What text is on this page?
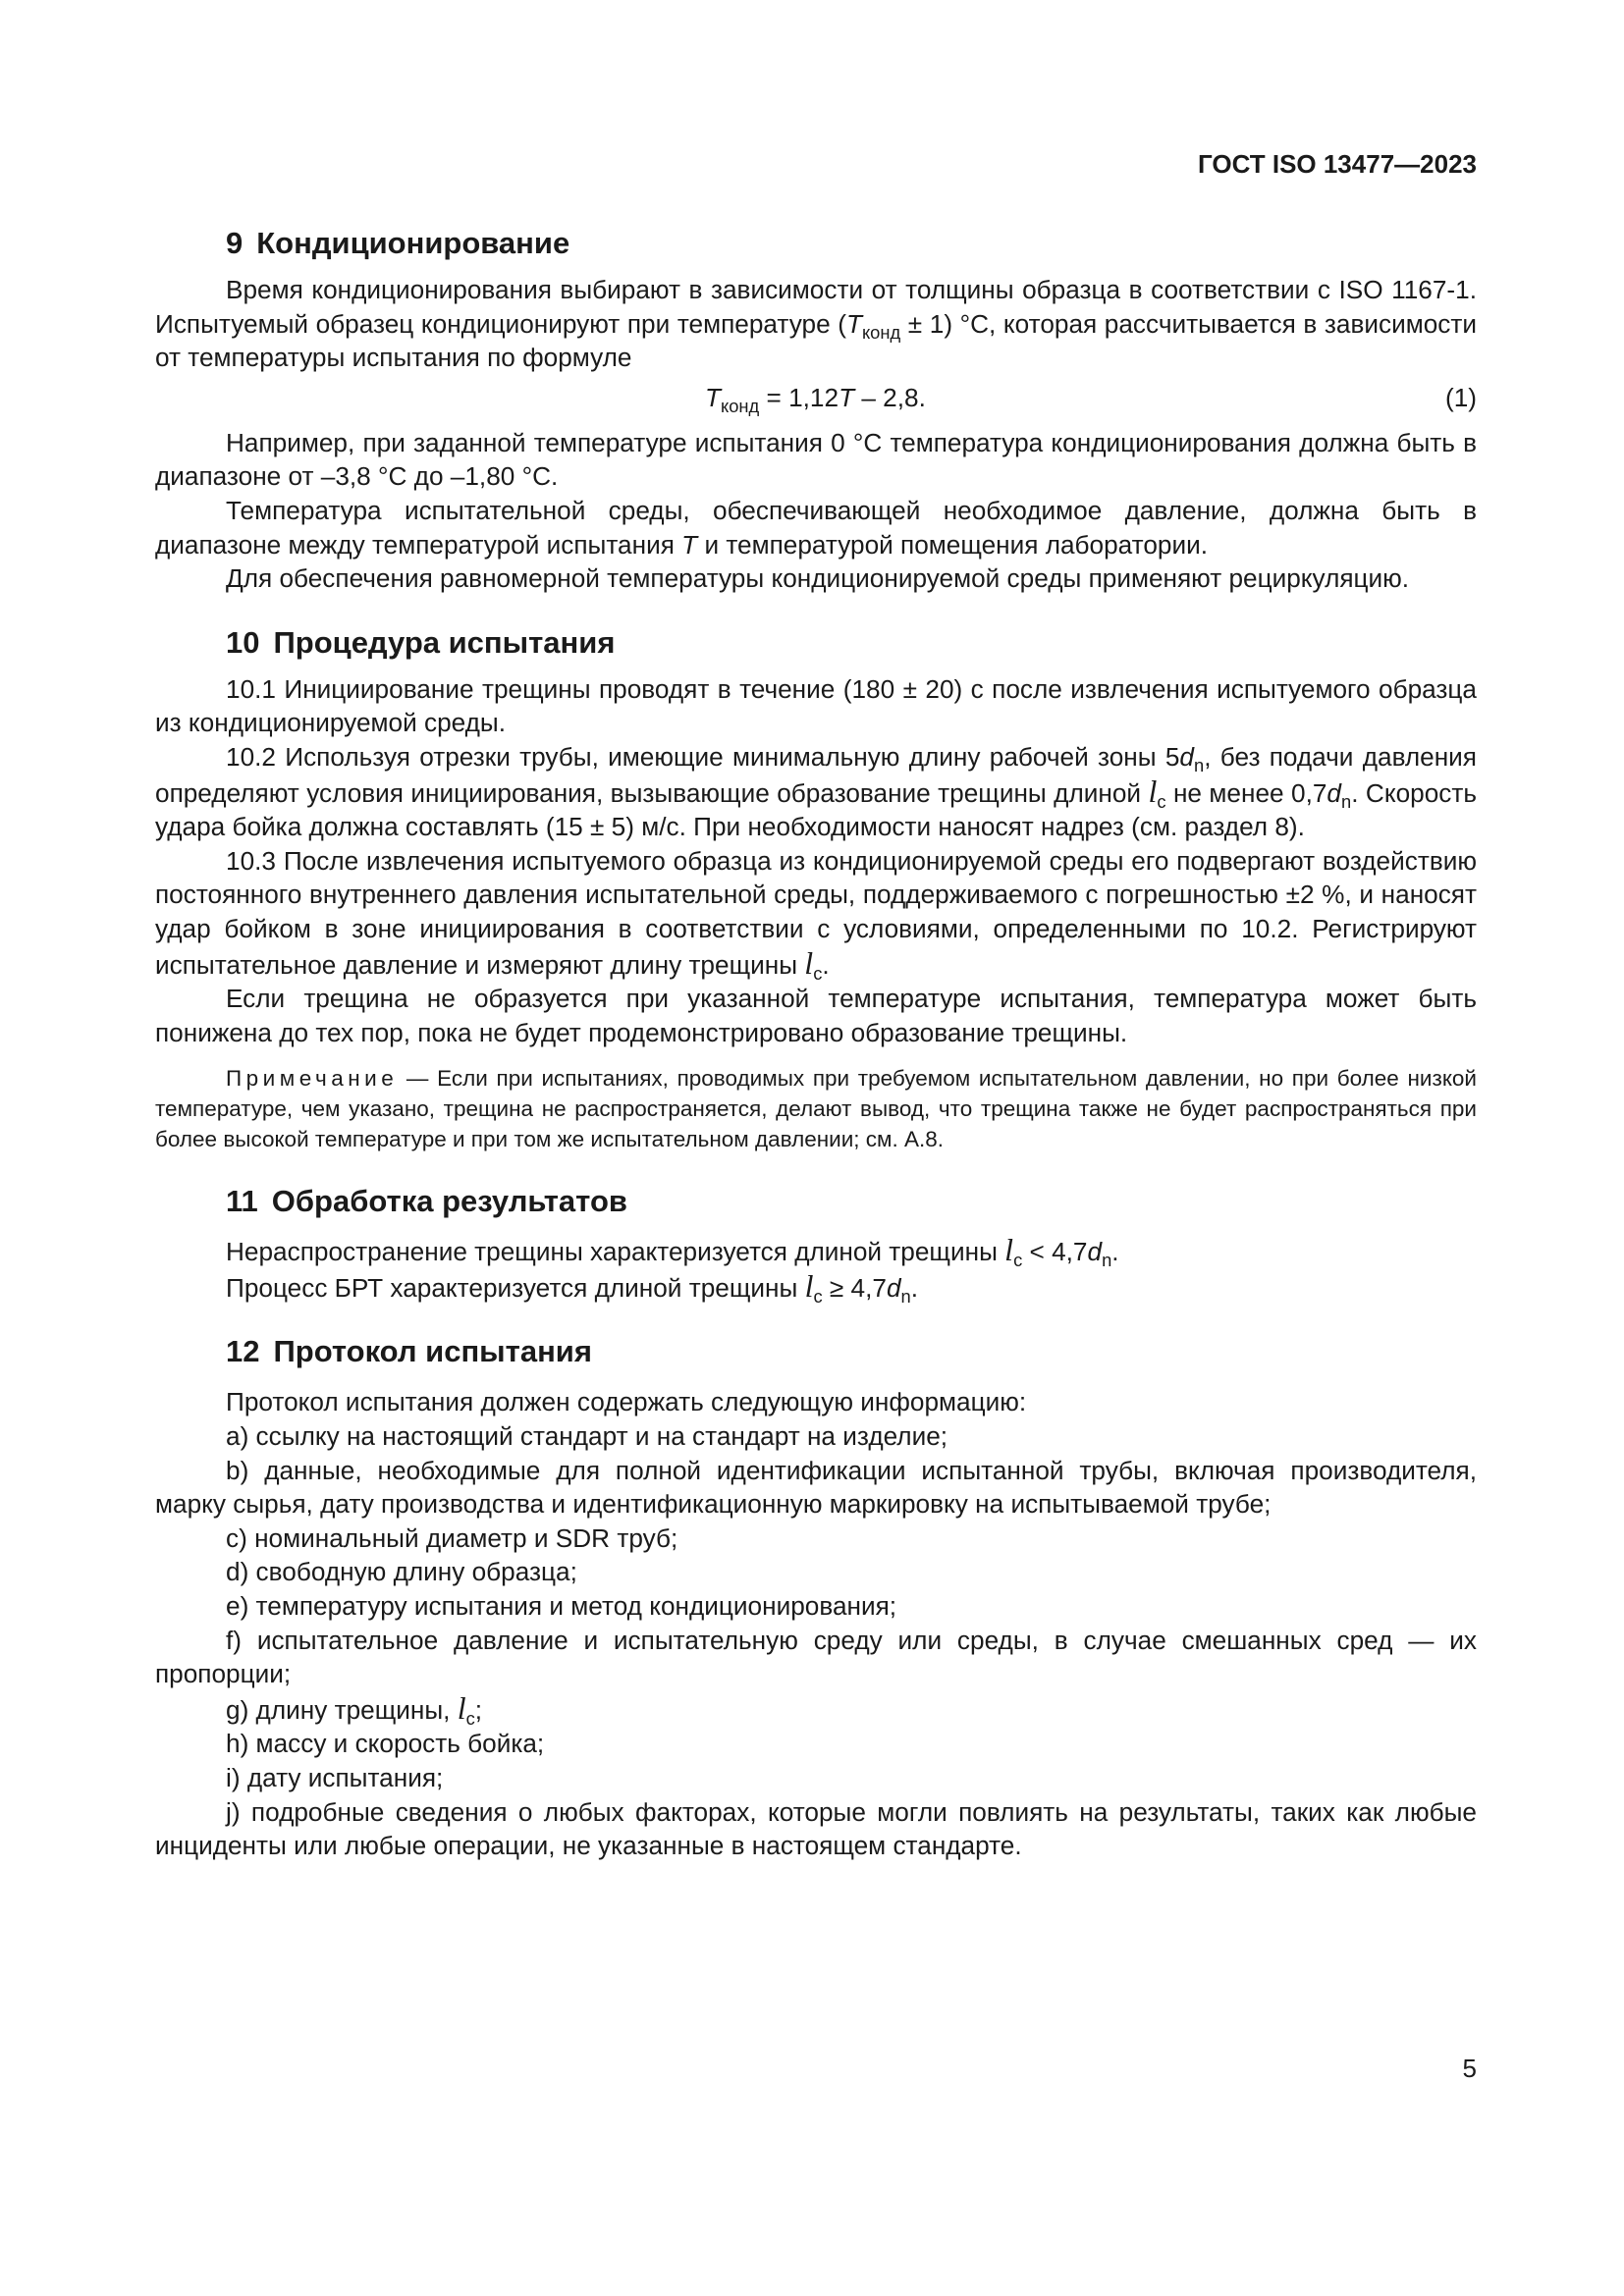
ГОСТ ISO 13477—2023
9 Кондиционирование

Время кондиционирования выбирают в зависимости от толщины образца в соответствии с ISO 1167-1. Испытуемый образец кондиционируют при температуре $(T_{конд} \pm 1)$ °C, которая рассчитывается в зависимости от температуры испытания по формуле

$T_{конд} = 1,12T - 2,8$.	(1)

Например, при заданной температуре испытания 0 °C температура кондиционирования должна быть в диапазоне от –3,8 °C до –1,80 °C.

Температура испытательной среды, обеспечивающей необходимое давление, должна быть в диапазоне между температурой испытания T и температурой помещения лаборатории.

Для обеспечения равномерной температуры кондиционируемой среды применяют рециркуляцию.

10 Процедура испытания

10.1 Инициирование трещины проводят в течение (180 ± 20) с после извлечения испытуемого образца из кондиционируемой среды.

10.2 Используя отрезки трубы, имеющие минимальную длину рабочей зоны $5d_n$, без подачи давления определяют условия инициирования, вызывающие образование трещины длиной $l_c$ не менее $0,7d_n$. Скорость удара бойка должна составлять (15 ± 5) м/с. При необходимости наносят надрез (см. раздел 8).

10.3 После извлечения испытуемого образца из кондиционируемой среды его подвергают воздействию постоянного внутреннего давления испытательной среды, поддерживаемого с погрешностью ±2 %, и наносят удар бойком в зоне инициирования в соответствии с условиями, определенными по 10.2. Регистрируют испытательное давление и измеряют длину трещины $l_c$.

Если трещина не образуется при указанной температуре испытания, температура может быть понижена до тех пор, пока не будет продемонстрировано образование трещины.

Примечание — Если при испытаниях, проводимых при требуемом испытательном давлении, но при более низкой температуре, чем указано, трещина не распространяется, делают вывод, что трещина также не будет распространяться при более высокой температуре и при том же испытательном давлении; см. А.8.

11 Обработка результатов

Нераспространение трещины характеризуется длиной трещины $l_c < 4,7d_n$.

Процесс БРТ характеризуется длиной трещины $l_c \ge 4,7d_n$.

12 Протокол испытания

Протокол испытания должен содержать следующую информацию:

a) ссылку на настоящий стандарт и на стандарт на изделие;

b) данные, необходимые для полной идентификации испытанной трубы, включая производителя, марку сырья, дату производства и идентификационную маркировку на испытываемой трубе;

c) номинальный диаметр и SDR труб;

d) свободную длину образца;

e) температуру испытания и метод кондиционирования;

f) испытательное давление и испытательную среду или среды, в случае смешанных сред — их пропорции;

g) длину трещины, $l_c$;

h) массу и скорость бойка;

i) дату испытания;

j) подробные сведения о любых факторах, которые могли повлиять на результаты, таких как любые инциденты или любые операции, не указанные в настоящем стандарте.

5
